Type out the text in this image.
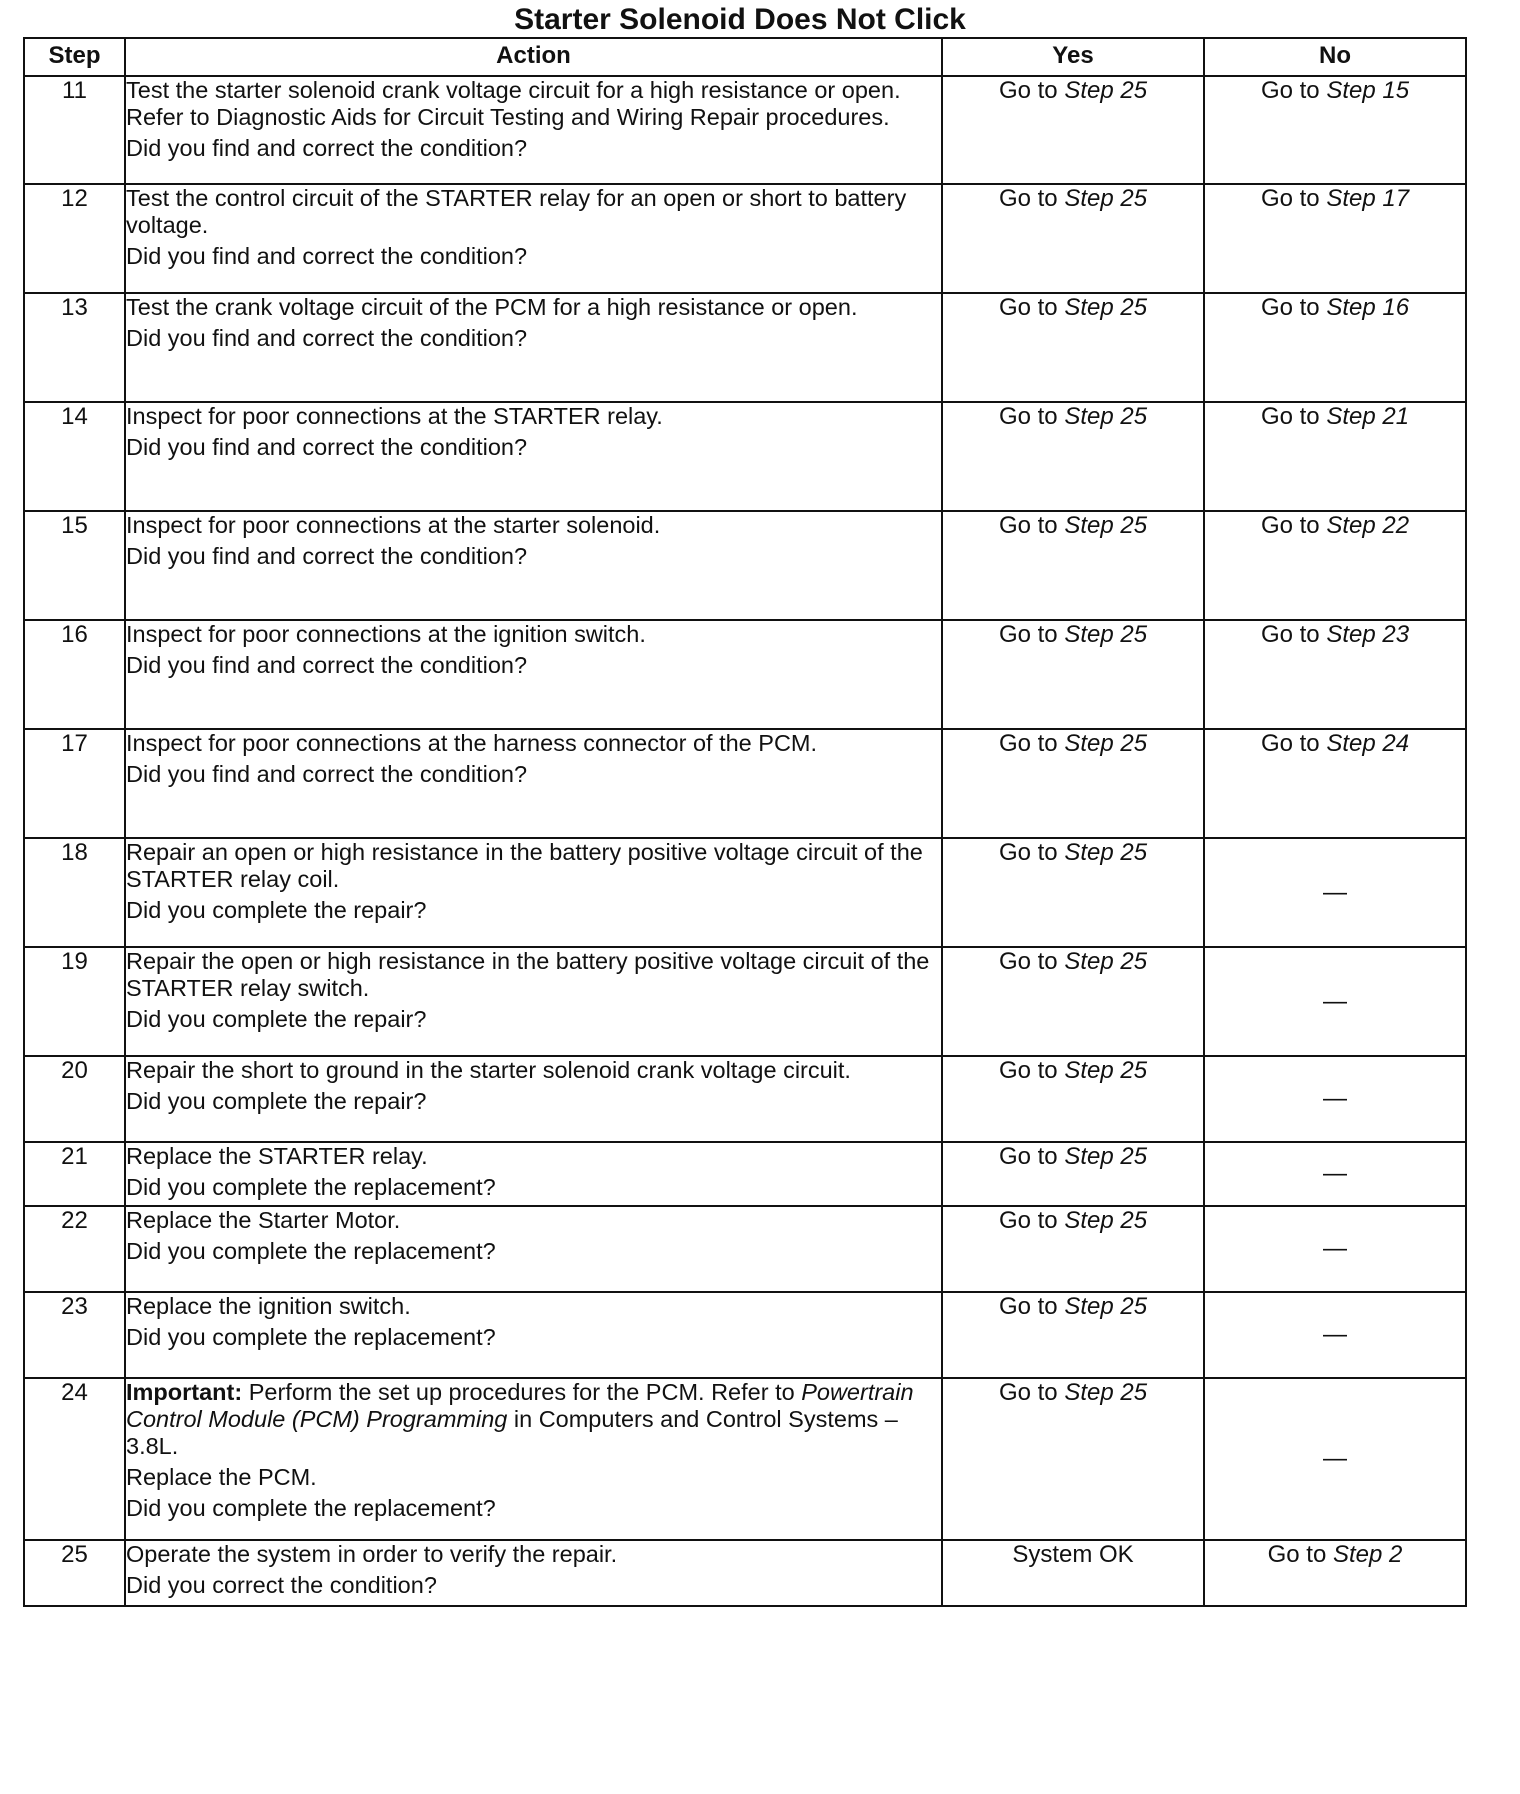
Starter Solenoid Does Not Click
Step	Action	Yes	No
11	Test the starter solenoid crank voltage circuit for a high resistance or open. Refer to Diagnostic Aids for Circuit Testing and Wiring Repair procedures.

Did you find and correct the condition?	Go to Step 25	Go to Step 15
12	Test the control circuit of the STARTER relay for an open or short to battery voltage.

Did you find and correct the condition?	Go to Step 25	Go to Step 17
13	Test the crank voltage circuit of the PCM for a high resistance or open.

Did you find and correct the condition?	Go to Step 25	Go to Step 16
14	Inspect for poor connections at the STARTER relay.

Did you find and correct the condition?	Go to Step 25	Go to Step 21
15	Inspect for poor connections at the starter solenoid.

Did you find and correct the condition?	Go to Step 25	Go to Step 22
16	Inspect for poor connections at the ignition switch.

Did you find and correct the condition?	Go to Step 25	Go to Step 23
17	Inspect for poor connections at the harness connector of the PCM.

Did you find and correct the condition?	Go to Step 25	Go to Step 24
18	Repair an open or high resistance in the battery positive voltage circuit of the STARTER relay coil.

Did you complete the repair?	Go to Step 25	—
19	Repair the open or high resistance in the battery positive voltage circuit of the STARTER relay switch.

Did you complete the repair?	Go to Step 25	—
20	Repair the short to ground in the starter solenoid crank voltage circuit.

Did you complete the repair?	Go to Step 25	—
21	Replace the STARTER relay.

Did you complete the replacement?	Go to Step 25	—
22	Replace the Starter Motor.

Did you complete the replacement?	Go to Step 25	—
23	Replace the ignition switch.

Did you complete the replacement?	Go to Step 25	—
24	Important: Perform the set up procedures for the PCM. Refer to Powertrain Control Module (PCM) Programming in Computers and Control Systems – 3.8L.

Replace the PCM.

Did you complete the replacement?	Go to Step 25	—
25	Operate the system in order to verify the repair.

Did you correct the condition?	System OK	Go to Step 2
